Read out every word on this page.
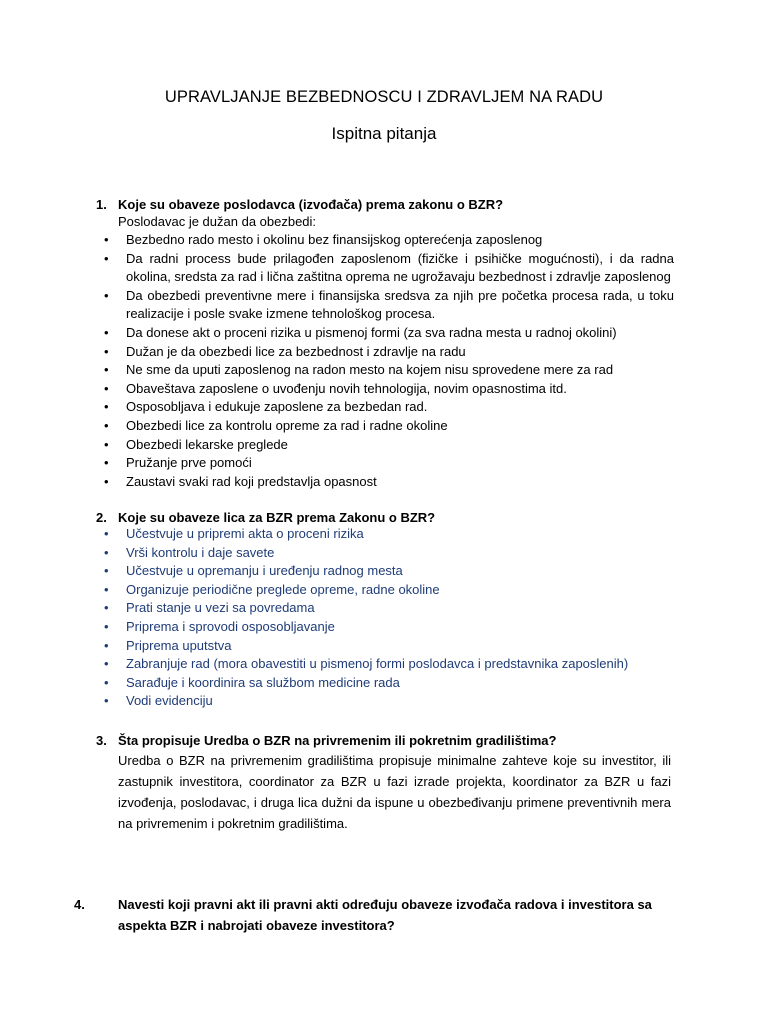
UPRAVLJANJE BEZBEDNOSCU I ZDRAVLJEM NA RADU
Ispitna pitanja
1. Koje su obaveze poslodavca (izvođača) prema zakonu o BZR?
Poslodavac je dužan da obezbedi:
• Bezbedno rado mesto i okolinu bez finansijskog opterećenja zaposlenog
• Da radni process bude prilagođen zaposlenom (fizičke i psihičke mogućnosti), i da radna okolina, sredsta za rad i lična zaštitna oprema ne ugrožavaju bezbednost i zdravlje zaposlenog
• Da obezbedi preventivne mere i finansijska sredsva za njih pre početka procesa rada, u toku realizacije i posle svake izmene tehnološkog procesa.
• Da donese akt o proceni rizika u pismenoj formi (za sva radna mesta u radnoj okolini)
• Dužan je da obezbedi lice za bezbednost i zdravlje na radu
• Ne sme da uputi zaposlenog na radon mesto na kojem nisu sprovedene mere za rad
• Obaveštava zaposlene o uvođenju novih tehnologija, novim opasnostima itd.
• Osposobljava i edukuje zaposlene za bezbedan rad.
• Obezbedi lice za kontrolu opreme za rad i radne okoline
• Obezbedi lekarske preglede
• Pružanje prve pomoći
• Zaustavi svaki rad koji predstavlja opasnost
2. Koje su obaveze lica za BZR prema Zakonu o BZR?
• Učestvuje u pripremi akta o proceni rizika
• Vrši kontrolu i daje savete
• Učestvuje u opremanju i uređenju radnog mesta
• Organizuje periodične preglede opreme, radne okoline
• Prati stanje u vezi sa povredama
• Priprema i sprovodi osposobljavanje
• Priprema uputstva
• Zabranjuje rad (mora obavestiti u pismenoj formi poslodavca i predstavnika zaposlenih)
• Sarađuje i koordinira sa službom medicine rada
• Vodi evidenciju
3. Šta propisuje Uredba o BZR na privremenim ili pokretnim gradilištima?
Uredba o BZR na privremenim gradilištima propisuje minimalne zahteve koje su investitor, ili zastupnik investitora, coordinator za BZR u fazi izrade projekta, koordinator za BZR u fazi izvođenja, poslodavac, i druga lica dužni da ispune u obezbeđivanju primene preventivnih mera na privremenim i pokretnim gradilištima.
4.	Navesti koji pravni akt ili pravni akti određuju obaveze izvođača radova i investitora sa aspekta BZR i nabrojati obaveze investitora?
